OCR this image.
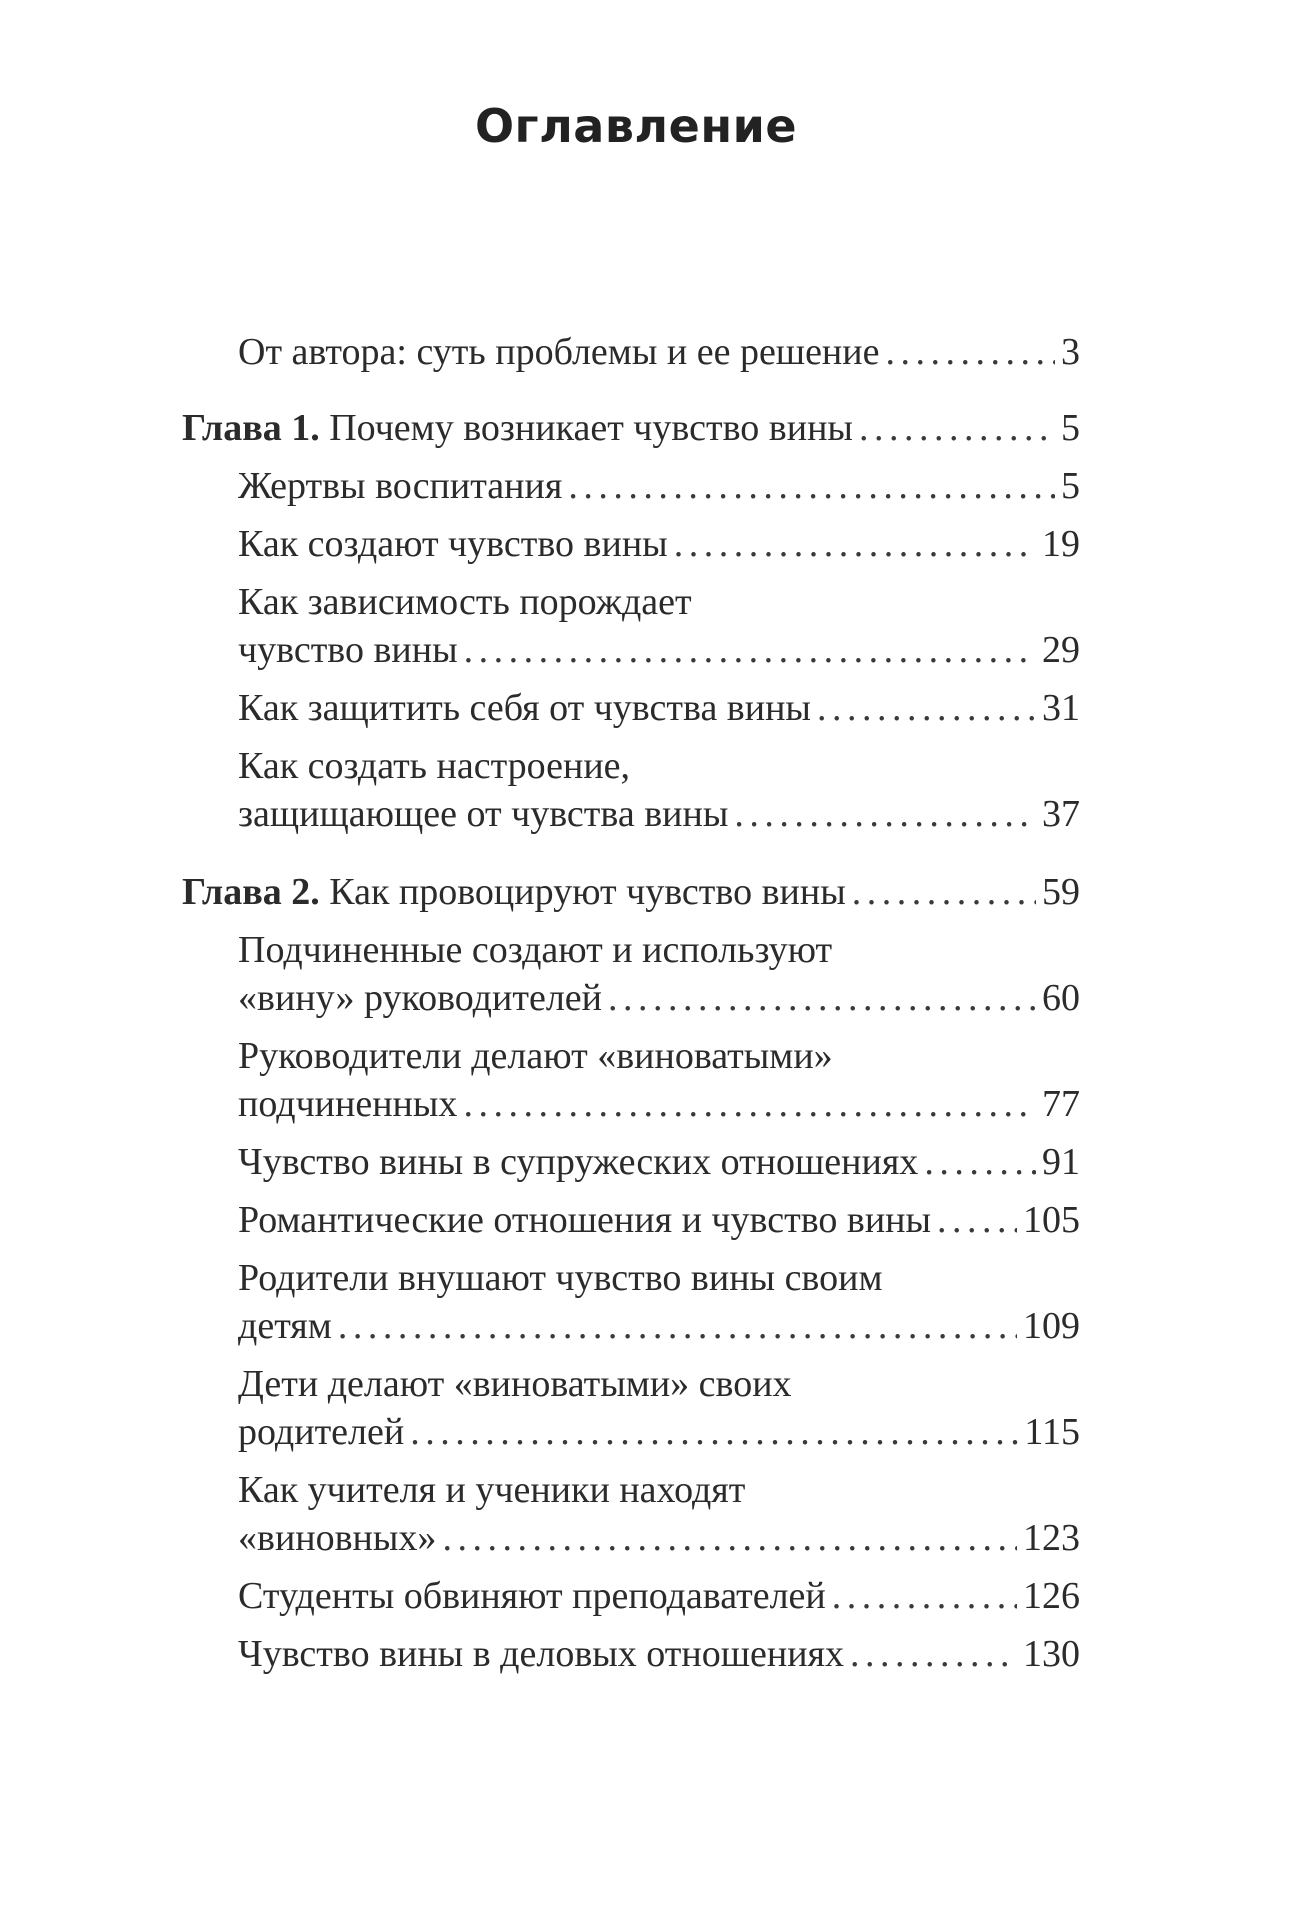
Оглавление
От автора: суть проблемы и ее решение . . .	3
Глава 1. Почему возникает чувство вины . . .	5
Жертвы воспитания . . .	5
Как создают чувство вины . . .	19
Как зависимость порождает
чувство вины . . .	29
Как защитить себя от чувства вины . . .	31
Как создать настроение,
защищающее от чувства вины . . .	37
Глава 2. Как провоцируют чувство вины . . .	59
Подчиненные создают и используют
«вину» руководителей . . .	60
Руководители делают «виноватыми»
подчиненных . . .	77
Чувство вины в супружеских отношениях . . .	91
Романтические отношения и чувство вины . . . 105
Родители внушают чувство вины своим
детям . . .	109
Дети делают «виноватыми» своих
родителей . . .	115
Как учителя и ученики находят
«виновных» . . .	123
Студенты обвиняют преподавателей . . .	126
Чувство вины в деловых отношениях . . .	130
